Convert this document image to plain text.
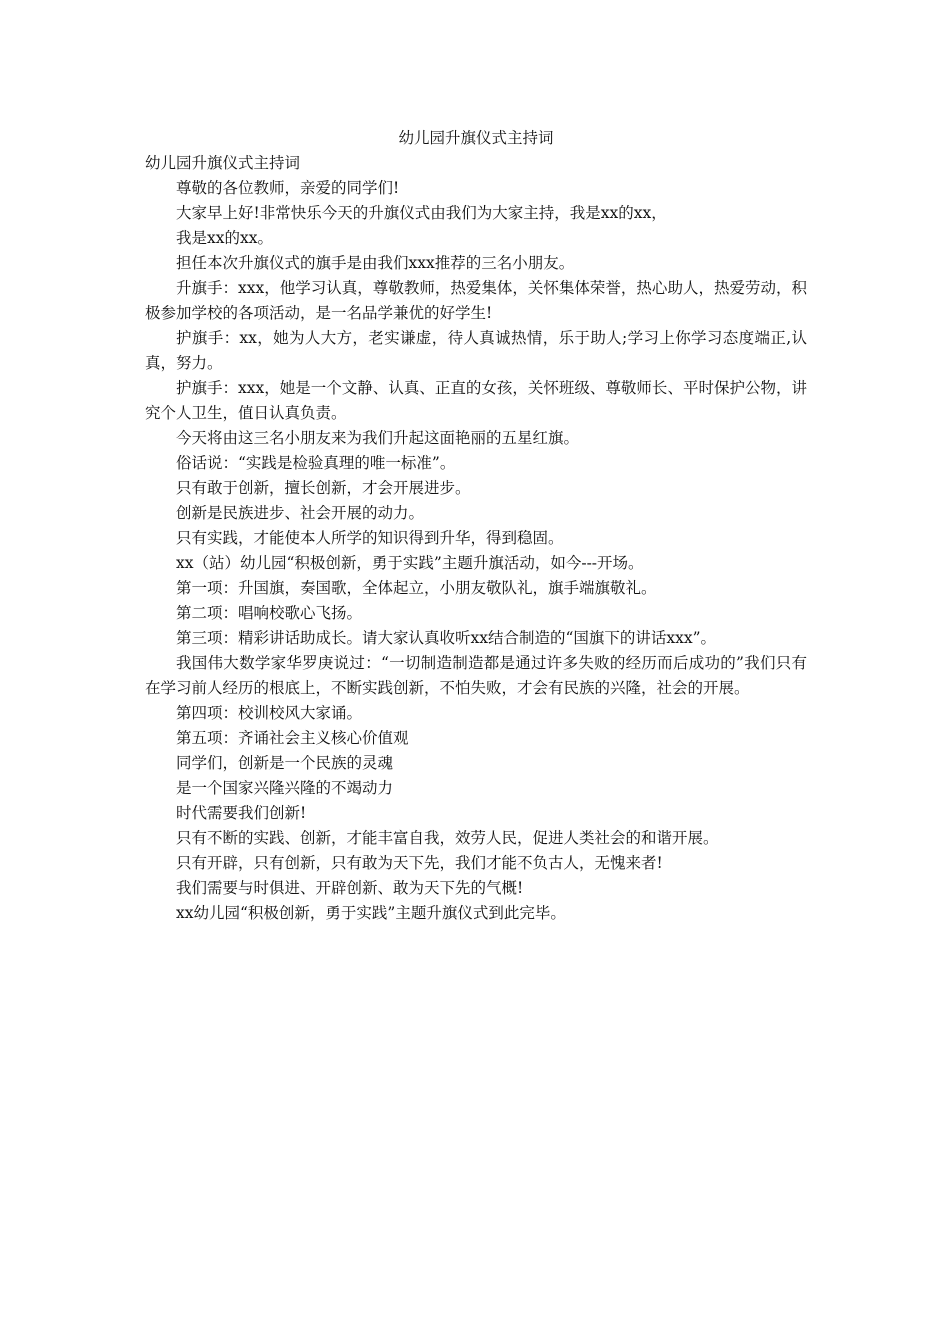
幼儿园升旗仪式主持词

幼儿园升旗仪式主持词

尊敬的各位教师，亲爱的同学们!

大家早上好!非常快乐今天的升旗仪式由我们为大家主持，我是xx的xx，

我是xx的xx。

担任本次升旗仪式的旗手是由我们xxx推荐的三名小朋友。

升旗手：xxx，他学习认真，尊敬教师，热爱集体，关怀集体荣誉，热心助人，热爱劳动，积极参加学校的各项活动，是一名品学兼优的好学生!

护旗手：xx，她为人大方，老实谦虚，待人真诚热情，乐于助人;学习上你学习态度端正,认真，努力。

护旗手：xxx，她是一个文静、认真、正直的女孩，关怀班级、尊敬师长、平时保护公物，讲究个人卫生，值日认真负责。

今天将由这三名小朋友来为我们升起这面艳丽的五星红旗。

俗话说：“实践是检验真理的唯一标准”。

只有敢于创新，擅长创新，才会开展进步。

创新是民族进步、社会开展的动力。

只有实践，才能使本人所学的知识得到升华，得到稳固。

xx（站）幼儿园“积极创新，勇于实践”主题升旗活动，如今---开场。

第一项：升国旗，奏国歌，全体起立，小朋友敬队礼，旗手端旗敬礼。

第二项：唱响校歌心飞扬。

第三项：精彩讲话助成长。请大家认真收听xx结合制造的“国旗下的讲话xxx”。

我国伟大数学家华罗庚说过：“一切制造制造都是通过许多失败的经历而后成功的”我们只有在学习前人经历的根底上，不断实践创新，不怕失败，才会有民族的兴隆，社会的开展。

第四项：校训校风大家诵。

第五项：齐诵社会主义核心价值观

同学们，创新是一个民族的灵魂

是一个国家兴隆兴隆的不竭动力

时代需要我们创新!

只有不断的实践、创新，才能丰富自我，效劳人民，促进人类社会的和谐开展。

只有开辟，只有创新，只有敢为天下先，我们才能不负古人，无愧来者!

我们需要与时俱进、开辟创新、敢为天下先的气概!

xx幼儿园“积极创新，勇于实践”主题升旗仪式到此完毕。
